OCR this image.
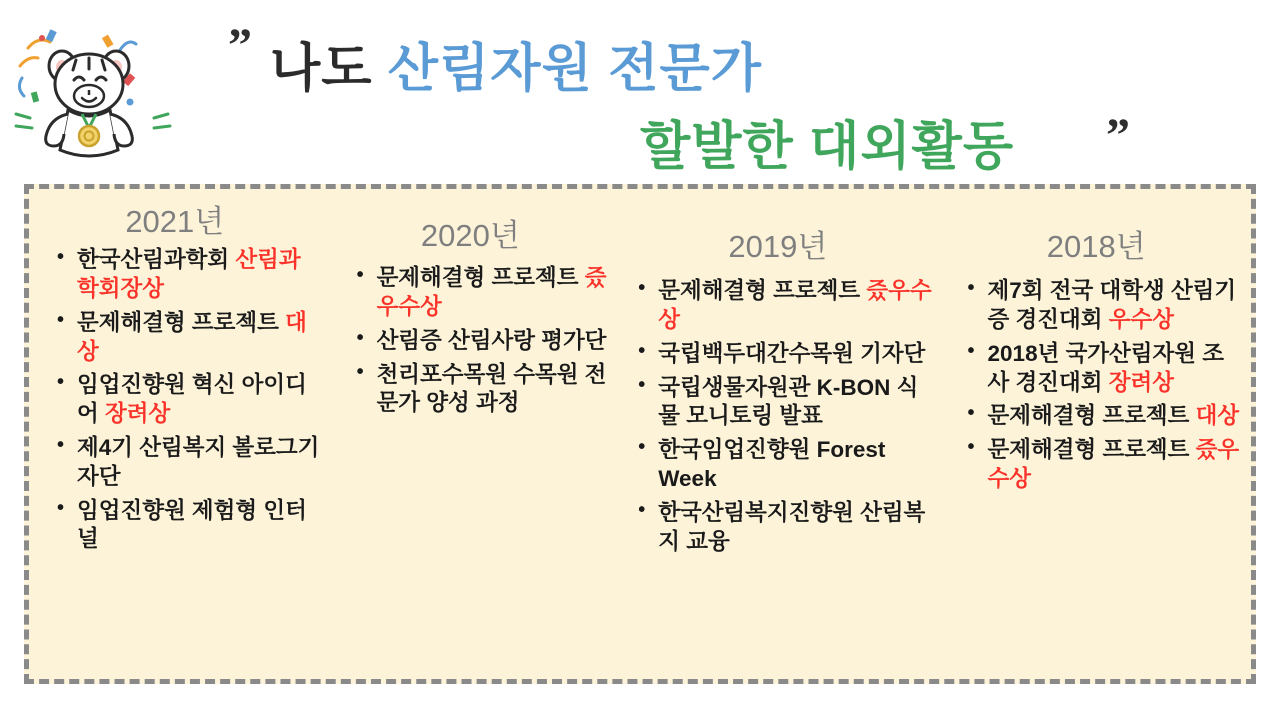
” 나도 산림자원 전문가
할발한 대외활동 ”
2021년
• 한국산림과학회 산림과학회장상
• 문제해결형 프로젝트 대상
• 임업진향원 혁신 아이디어 장려상
• 제4기 산림복지 볼로그기자단
• 임업진향원 제험형 인터널
2020년
• 문제해결형 프로젝트 즜우수상
• 산림증 산림사랑 평가단
• 천리포수목원 수목원 전문가 양성 과정
2019년
• 문제해결형 프로젝트 즜우수상
• 국립백두대간수목원 기자단
• 국립생물자원관 K-BON 식물 모니토링 발표
• 한국임업진향원 Forest Week
• 한국산림복지진향원 산림복지 교융
2018년
• 제7회 전국 대학생 산림기증 경진대회 우수상
• 2018년 국가산림자원 조사 경진대회 장려상
• 문제해결형 프로젝트 대상
• 문제해결형 프로젝트 즜우수상
